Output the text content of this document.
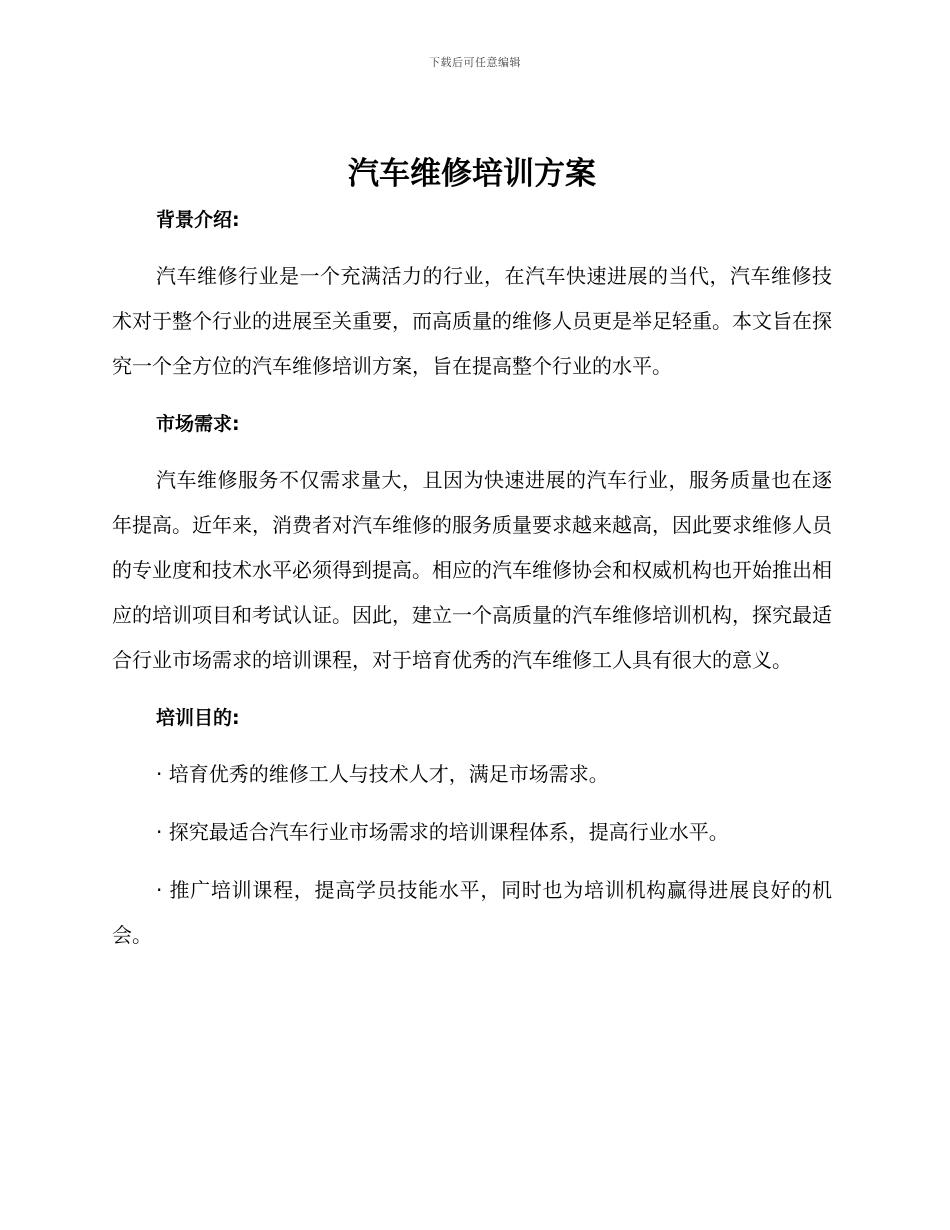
下载后可任意编辑
汽车维修培训方案
背景介绍:

汽车维修行业是一个充满活力的行业，在汽车快速进展的当代，汽车维修技术对于整个行业的进展至关重要，而高质量的维修人员更是举足轻重。本文旨在探究一个全方位的汽车维修培训方案，旨在提高整个行业的水平。

市场需求:

汽车维修服务不仅需求量大，且因为快速进展的汽车行业，服务质量也在逐年提高。近年来，消费者对汽车维修的服务质量要求越来越高，因此要求维修人员的专业度和技术水平必须得到提高。相应的汽车维修协会和权威机构也开始推出相应的培训项目和考试认证。因此，建立一个高质量的汽车维修培训机构，探究最适合行业市场需求的培训课程，对于培育优秀的汽车维修工人具有很大的意义。

培训目的:

· 培育优秀的维修工人与技术人才，满足市场需求。

· 探究最适合汽车行业市场需求的培训课程体系，提高行业水平。

· 推广培训课程，提高学员技能水平，同时也为培训机构赢得进展良好的机会。
